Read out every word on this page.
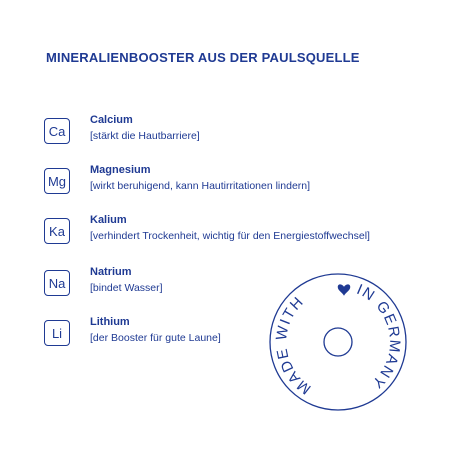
MINERALIENBOOSTER AUS DER PAULSQUELLE
Ca
Calcium
[stärkt die Hautbarriere]
Mg
Magnesium
[wirkt beruhigend, kann Hautirritationen lindern]
Ka
Kalium
[verhindert Trockenheit, wichtig für den Energiestoffwechsel]
Na
Natrium
[bindet Wasser]
Li
Lithium
[der Booster für gute Laune]
MADE WITH
IN GERMANY
